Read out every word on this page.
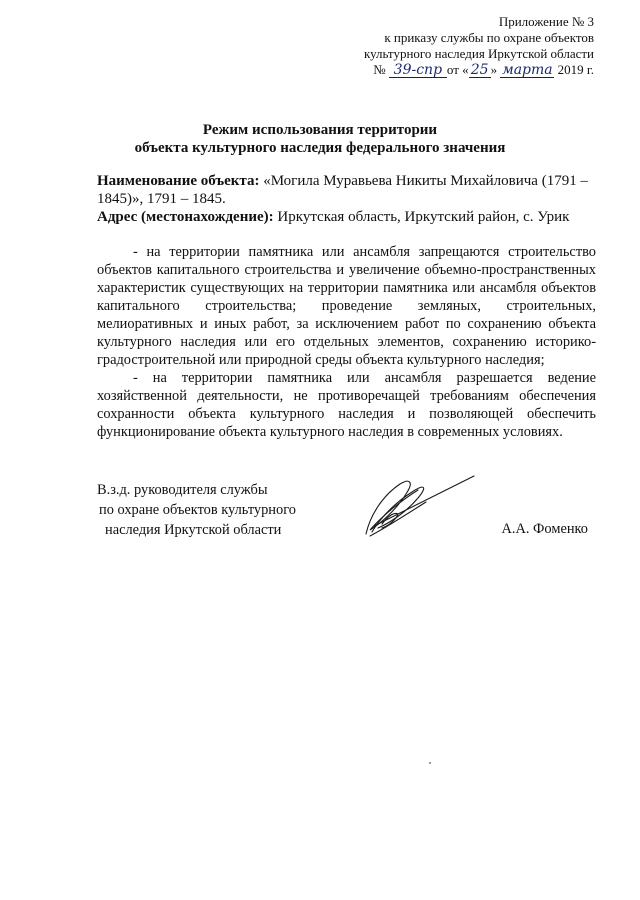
Приложение № 3
к приказу службы по охране объектов
культурного наследия Иркутской области
№ 39-спр от « 25 » марта 2019 г.
Режим использования территории
объекта культурного наследия федерального значения

Наименование объекта: «Могила Муравьева Никиты Михайловича (1791 – 1845)», 1791 – 1845.

Адрес (местонахождение): Иркутская область, Иркутский район, с. Урик

- на территории памятника или ансамбля запрещаются строительство объектов капитального строительства и увеличение объемно-пространственных характеристик существующих на территории памятника или ансамбля объектов капитального строительства; проведение земляных, строительных, мелиоративных и иных работ, за исключением работ по сохранению объекта культурного наследия или его отдельных элементов, сохранению историко-градостроительной или природной среды объекта культурного наследия;

- на территории памятника или ансамбля разрешается ведение хозяйственной деятельности, не противоречащей требованиям обеспечения сохранности объекта культурного наследия и позволяющей обеспечить функционирование объекта культурного наследия в современных условиях.

В.з.д. руководителя службы
по охране объектов культурного
наследия Иркутской области	А.А. Фоменко
